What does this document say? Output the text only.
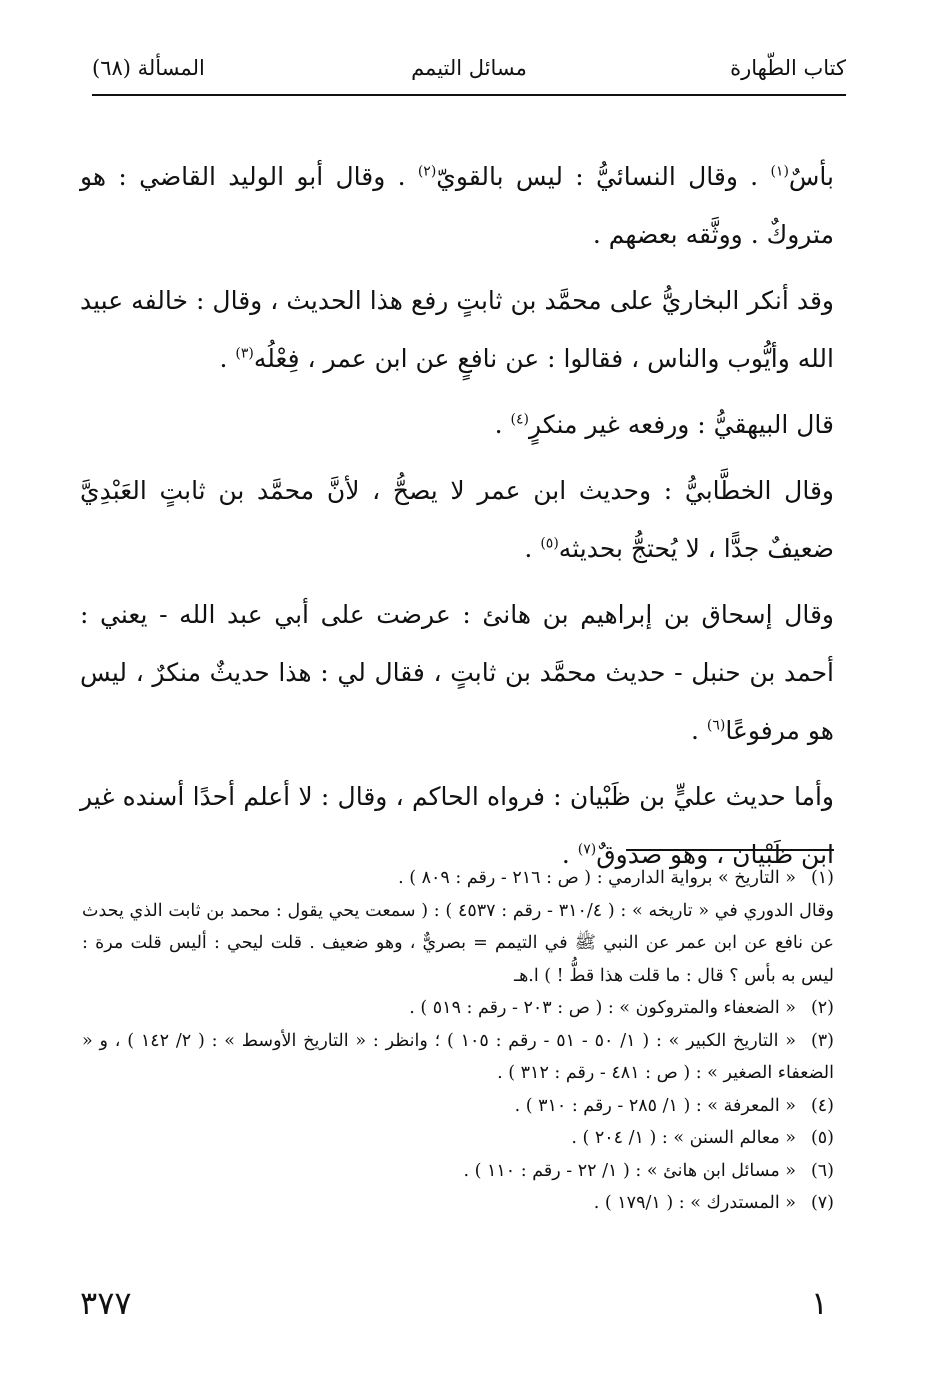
كتاب الطّهارة
مسائل التيمم
المسألة (٦٨)

بأسٌ$^{(١)}$ . وقال النسائيُّ : ليس بالقويّ$^{(٢)}$ . وقال أبو الوليد القاضي : هو متروكٌ . ووثَّقه بعضهم .

وقد أنكر البخاريُّ على محمَّد بن ثابتٍ رفع هذا الحديث ، وقال : خالفه عبيد الله وأيُّوب والناس ، فقالوا : عن نافعٍ عن ابن عمر ، فِعْلُه$^{(٣)}$ .

قال البيهقيُّ : ورفعه غير منكرٍ$^{(٤)}$ .

وقال الخطَّابيُّ : وحديث ابن عمر لا يصحُّ ، لأنَّ محمَّد بن ثابتٍ العَبْدِيَّ ضعيفٌ جدًّا ، لا يُحتجُّ بحديثه$^{(٥)}$ .

وقال إسحاق بن إبراهيم بن هانئ : عرضت على أبي عبد الله - يعني : أحمد بن حنبل - حديث محمَّد بن ثابتٍ ، فقال لي : هذا حديثٌ منكرٌ ، ليس هو مرفوعًا$^{(٦)}$ .

وأما حديث عليٍّ بن ظَبْيان : فرواه الحاكم ، وقال : لا أعلم أحدًا أسنده غير ابن ظَبْيان ، وهو صدوقٌ$^{(٧)}$ .

(١)« التاريخ » برواية الدارمي : ( ص : ٢١٦ - رقم : ٨٠٩ ) .

وقال الدوري في « تاريخه » : ( ٣١٠/٤ - رقم : ٤٥٣٧ ) : ( سمعت يحي يقول : محمد بن ثابت الذي يحدث عن نافع عن ابن عمر عن النبي ﷺ في التيمم = بصريٌّ ، وهو ضعيف . قلت ليحي : أليس قلت مرة : ليس به بأس ؟ قال : ما قلت هذا قطُّ ! ) ا.هـ

(٢)« الضعفاء والمتروكون » : ( ص : ٢٠٣ - رقم : ٥١٩ ) .

(٣)« التاريخ الكبير » : ( ١/ ٥٠ - ٥١ - رقم : ١٠٥ ) ؛ وانظر : « التاريخ الأوسط » : ( ٢/ ١٤٢ ) ، و « الضعفاء الصغير » : ( ص : ٤٨١ - رقم : ٣١٢ ) .

(٤)« المعرفة » : ( ١/ ٢٨٥ - رقم : ٣١٠ ) .

(٥)« معالم السنن » : ( ١/ ٢٠٤ ) .

(٦)« مسائل ابن هانئ » : ( ١/ ٢٢ - رقم : ١١٠ ) .

(٧)« المستدرك » : ( ١٧٩/١ ) .

٣٧٧	١
